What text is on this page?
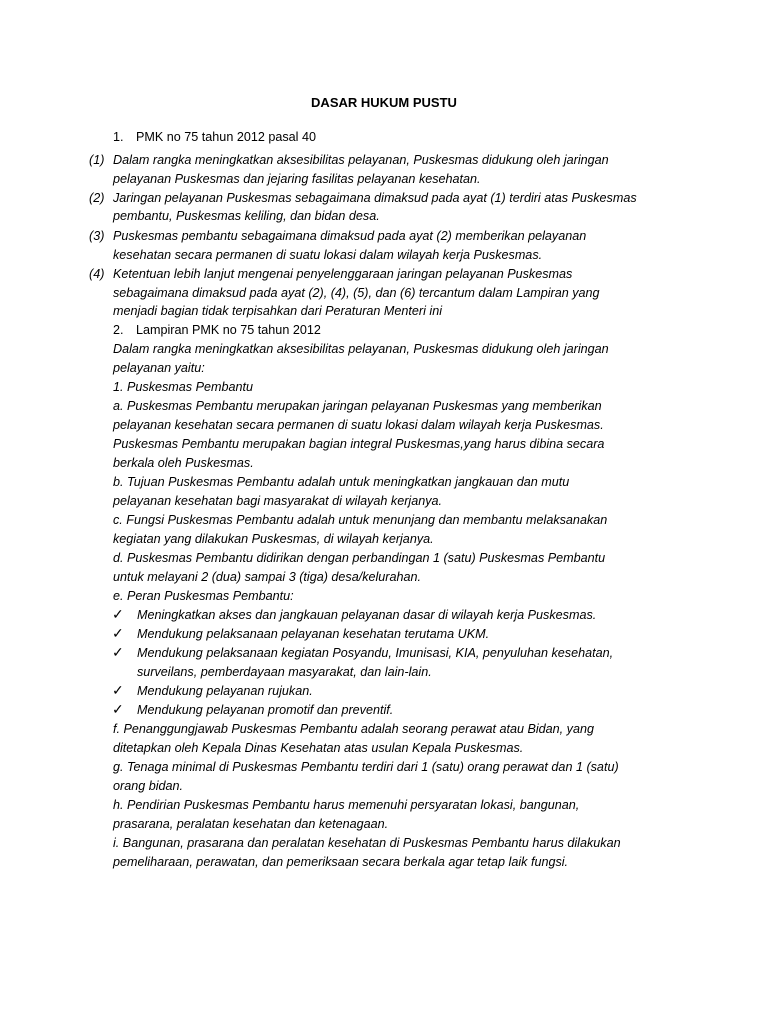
DASAR HUKUM PUSTU
1. PMK no 75 tahun 2012 pasal 40
(1) Dalam rangka meningkatkan aksesibilitas pelayanan, Puskesmas didukung oleh jaringan
pelayanan Puskesmas dan jejaring fasilitas pelayanan kesehatan.
(2) Jaringan pelayanan Puskesmas sebagaimana dimaksud pada ayat (1) terdiri atas Puskesmas
pembantu, Puskesmas keliling, dan bidan desa.
(3) Puskesmas pembantu sebagaimana dimaksud pada ayat (2) memberikan pelayanan
kesehatan secara permanen di suatu lokasi dalam wilayah kerja Puskesmas.
(4) Ketentuan lebih lanjut mengenai penyelenggaraan jaringan pelayanan Puskesmas
sebagaimana dimaksud pada ayat (2), (4), (5), dan (6) tercantum dalam Lampiran yang
menjadi bagian tidak terpisahkan dari Peraturan Menteri ini
2. Lampiran PMK no 75 tahun 2012
Dalam rangka meningkatkan aksesibilitas pelayanan, Puskesmas didukung oleh jaringan
pelayanan yaitu:
1. Puskesmas Pembantu
a. Puskesmas Pembantu merupakan jaringan pelayanan Puskesmas yang memberikan
pelayanan kesehatan secara permanen di suatu lokasi dalam wilayah kerja Puskesmas.
Puskesmas Pembantu merupakan bagian integral Puskesmas,yang harus dibina secara
berkala oleh Puskesmas.
b. Tujuan Puskesmas Pembantu adalah untuk meningkatkan jangkauan dan mutu
pelayanan kesehatan bagi masyarakat di wilayah kerjanya.
c. Fungsi Puskesmas Pembantu adalah untuk menunjang dan membantu melaksanakan
kegiatan yang dilakukan Puskesmas, di wilayah kerjanya.
d. Puskesmas Pembantu didirikan dengan perbandingan 1 (satu) Puskesmas Pembantu
untuk melayani 2 (dua) sampai 3 (tiga) desa/kelurahan.
e. Peran Puskesmas Pembantu:
✓ Meningkatkan akses dan jangkauan pelayanan dasar di wilayah kerja Puskesmas.
✓ Mendukung pelaksanaan pelayanan kesehatan terutama UKM.
✓ Mendukung pelaksanaan kegiatan Posyandu, Imunisasi, KIA, penyuluhan kesehatan,
surveilans, pemberdayaan masyarakat, dan lain-lain.
✓ Mendukung pelayanan rujukan.
✓ Mendukung pelayanan promotif dan preventif.
f. Penanggungjawab Puskesmas Pembantu adalah seorang perawat atau Bidan, yang
ditetapkan oleh Kepala Dinas Kesehatan atas usulan Kepala Puskesmas.
g. Tenaga minimal di Puskesmas Pembantu terdiri dari 1 (satu) orang perawat dan 1 (satu)
orang bidan.
h. Pendirian Puskesmas Pembantu harus memenuhi persyaratan lokasi, bangunan,
prasarana, peralatan kesehatan dan ketenagaan.
i. Bangunan, prasarana dan peralatan kesehatan di Puskesmas Pembantu harus dilakukan
pemeliharaan, perawatan, dan pemeriksaan secara berkala agar tetap laik fungsi.
